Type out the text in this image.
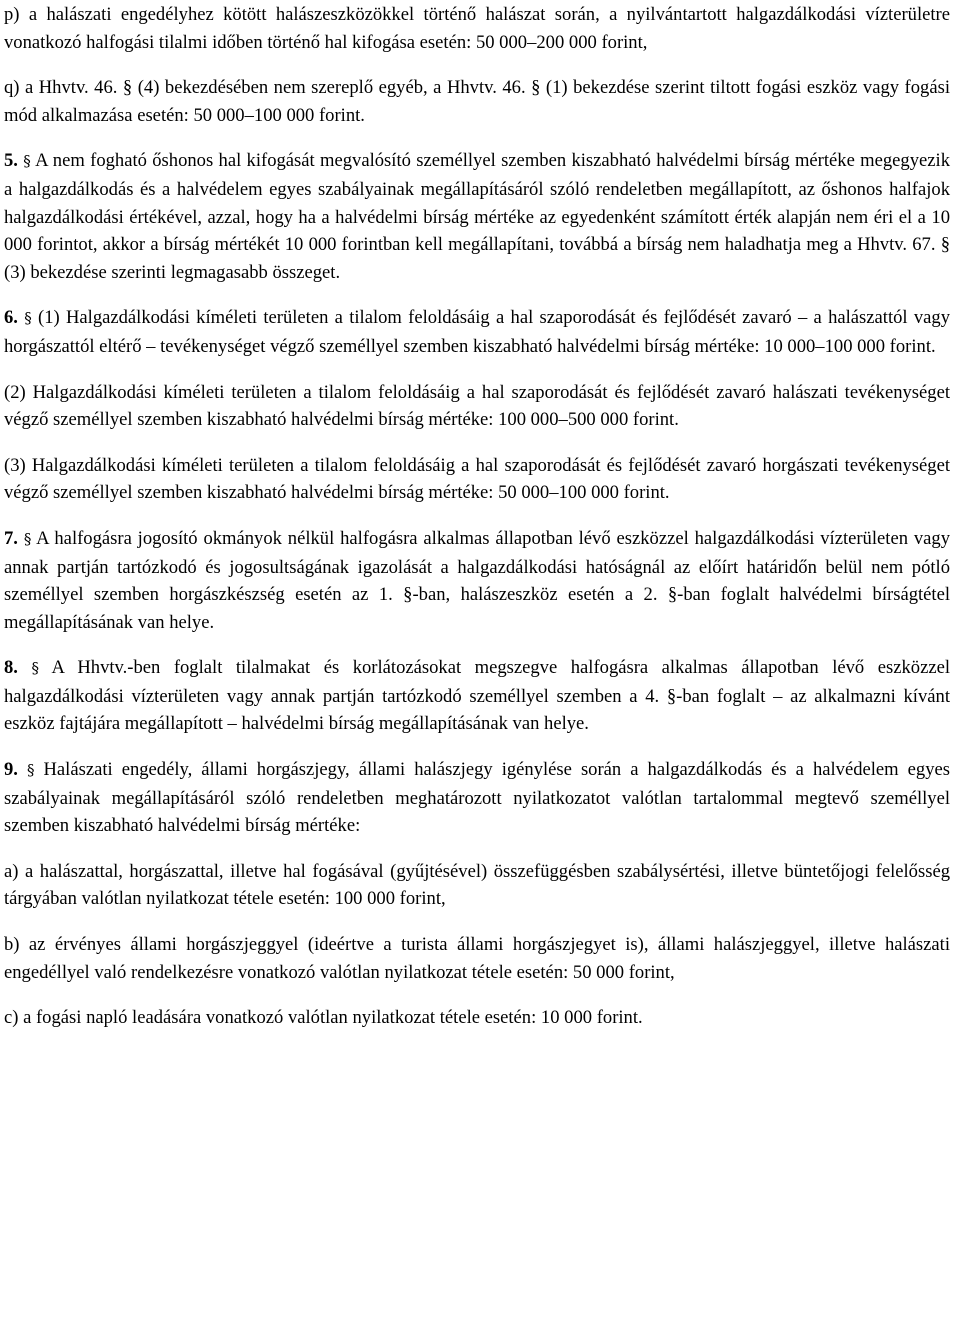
p) a halászati engedélyhez kötött halászeszközökkel történő halászat során, a nyilvántartott halgazdálkodási vízterületre vonatkozó halfogási tilalmi időben történő hal kifogása esetén: 50 000–200 000 forint,

q) a Hhvtv. 46. § (4) bekezdésében nem szereplő egyéb, a Hhvtv. 46. § (1) bekezdése szerint tiltott fogási eszköz vagy fogási mód alkalmazása esetén: 50 000–100 000 forint.

5. § A nem fogható őshonos hal kifogását megvalósító személlyel szemben kiszabható halvédelmi bírság mértéke megegyezik a halgazdálkodás és a halvédelem egyes szabályainak megállapításáról szóló rendeletben megállapított, az őshonos halfajok halgazdálkodási értékével, azzal, hogy ha a halvédelmi bírság mértéke az egyedenként számított érték alapján nem éri el a 10 000 forintot, akkor a bírság mértékét 10 000 forintban kell megállapítani, továbbá a bírság nem haladhatja meg a Hhvtv. 67. § (3) bekezdése szerinti legmagasabb összeget.

6. § (1) Halgazdálkodási kíméleti területen a tilalom feloldásáig a hal szaporodását és fejlődését zavaró – a halászattól vagy horgászattól eltérő – tevékenységet végző személlyel szemben kiszabható halvédelmi bírság mértéke: 10 000–100 000 forint.

(2) Halgazdálkodási kíméleti területen a tilalom feloldásáig a hal szaporodását és fejlődését zavaró halászati tevékenységet végző személlyel szemben kiszabható halvédelmi bírság mértéke: 100 000–500 000 forint.

(3) Halgazdálkodási kíméleti területen a tilalom feloldásáig a hal szaporodását és fejlődését zavaró horgászati tevékenységet végző személlyel szemben kiszabható halvédelmi bírság mértéke: 50 000–100 000 forint.

7. § A halfogásra jogosító okmányok nélkül halfogásra alkalmas állapotban lévő eszközzel halgazdálkodási vízterületen vagy annak partján tartózkodó és jogosultságának igazolását a halgazdálkodási hatóságnál az előírt határidőn belül nem pótló személlyel szemben horgászkészség esetén az 1. §-ban, halászeszköz esetén a 2. §-ban foglalt halvédelmi bírságtétel megállapításának van helye.

8. § A Hhvtv.-ben foglalt tilalmakat és korlátozásokat megszegve halfogásra alkalmas állapotban lévő eszközzel halgazdálkodási vízterületen vagy annak partján tartózkodó személlyel szemben a 4. §-ban foglalt – az alkalmazni kívánt eszköz fajtájára megállapított – halvédelmi bírság megállapításának van helye.

9. § Halászati engedély, állami horgászjegy, állami halászjegy igénylése során a halgazdálkodás és a halvédelem egyes szabályainak megállapításáról szóló rendeletben meghatározott nyilatkozatot valótlan tartalommal megtevő személlyel szemben kiszabható halvédelmi bírság mértéke:

a) a halászattal, horgászattal, illetve hal fogásával (gyűjtésével) összefüggésben szabálysértési, illetve büntetőjogi felelősség tárgyában valótlan nyilatkozat tétele esetén: 100 000 forint,

b) az érvényes állami horgászjeggyel (ideértve a turista állami horgászjegyet is), állami halászjeggyel, illetve halászati engedéllyel való rendelkezésre vonatkozó valótlan nyilatkozat tétele esetén: 50 000 forint,

c) a fogási napló leadására vonatkozó valótlan nyilatkozat tétele esetén: 10 000 forint.
